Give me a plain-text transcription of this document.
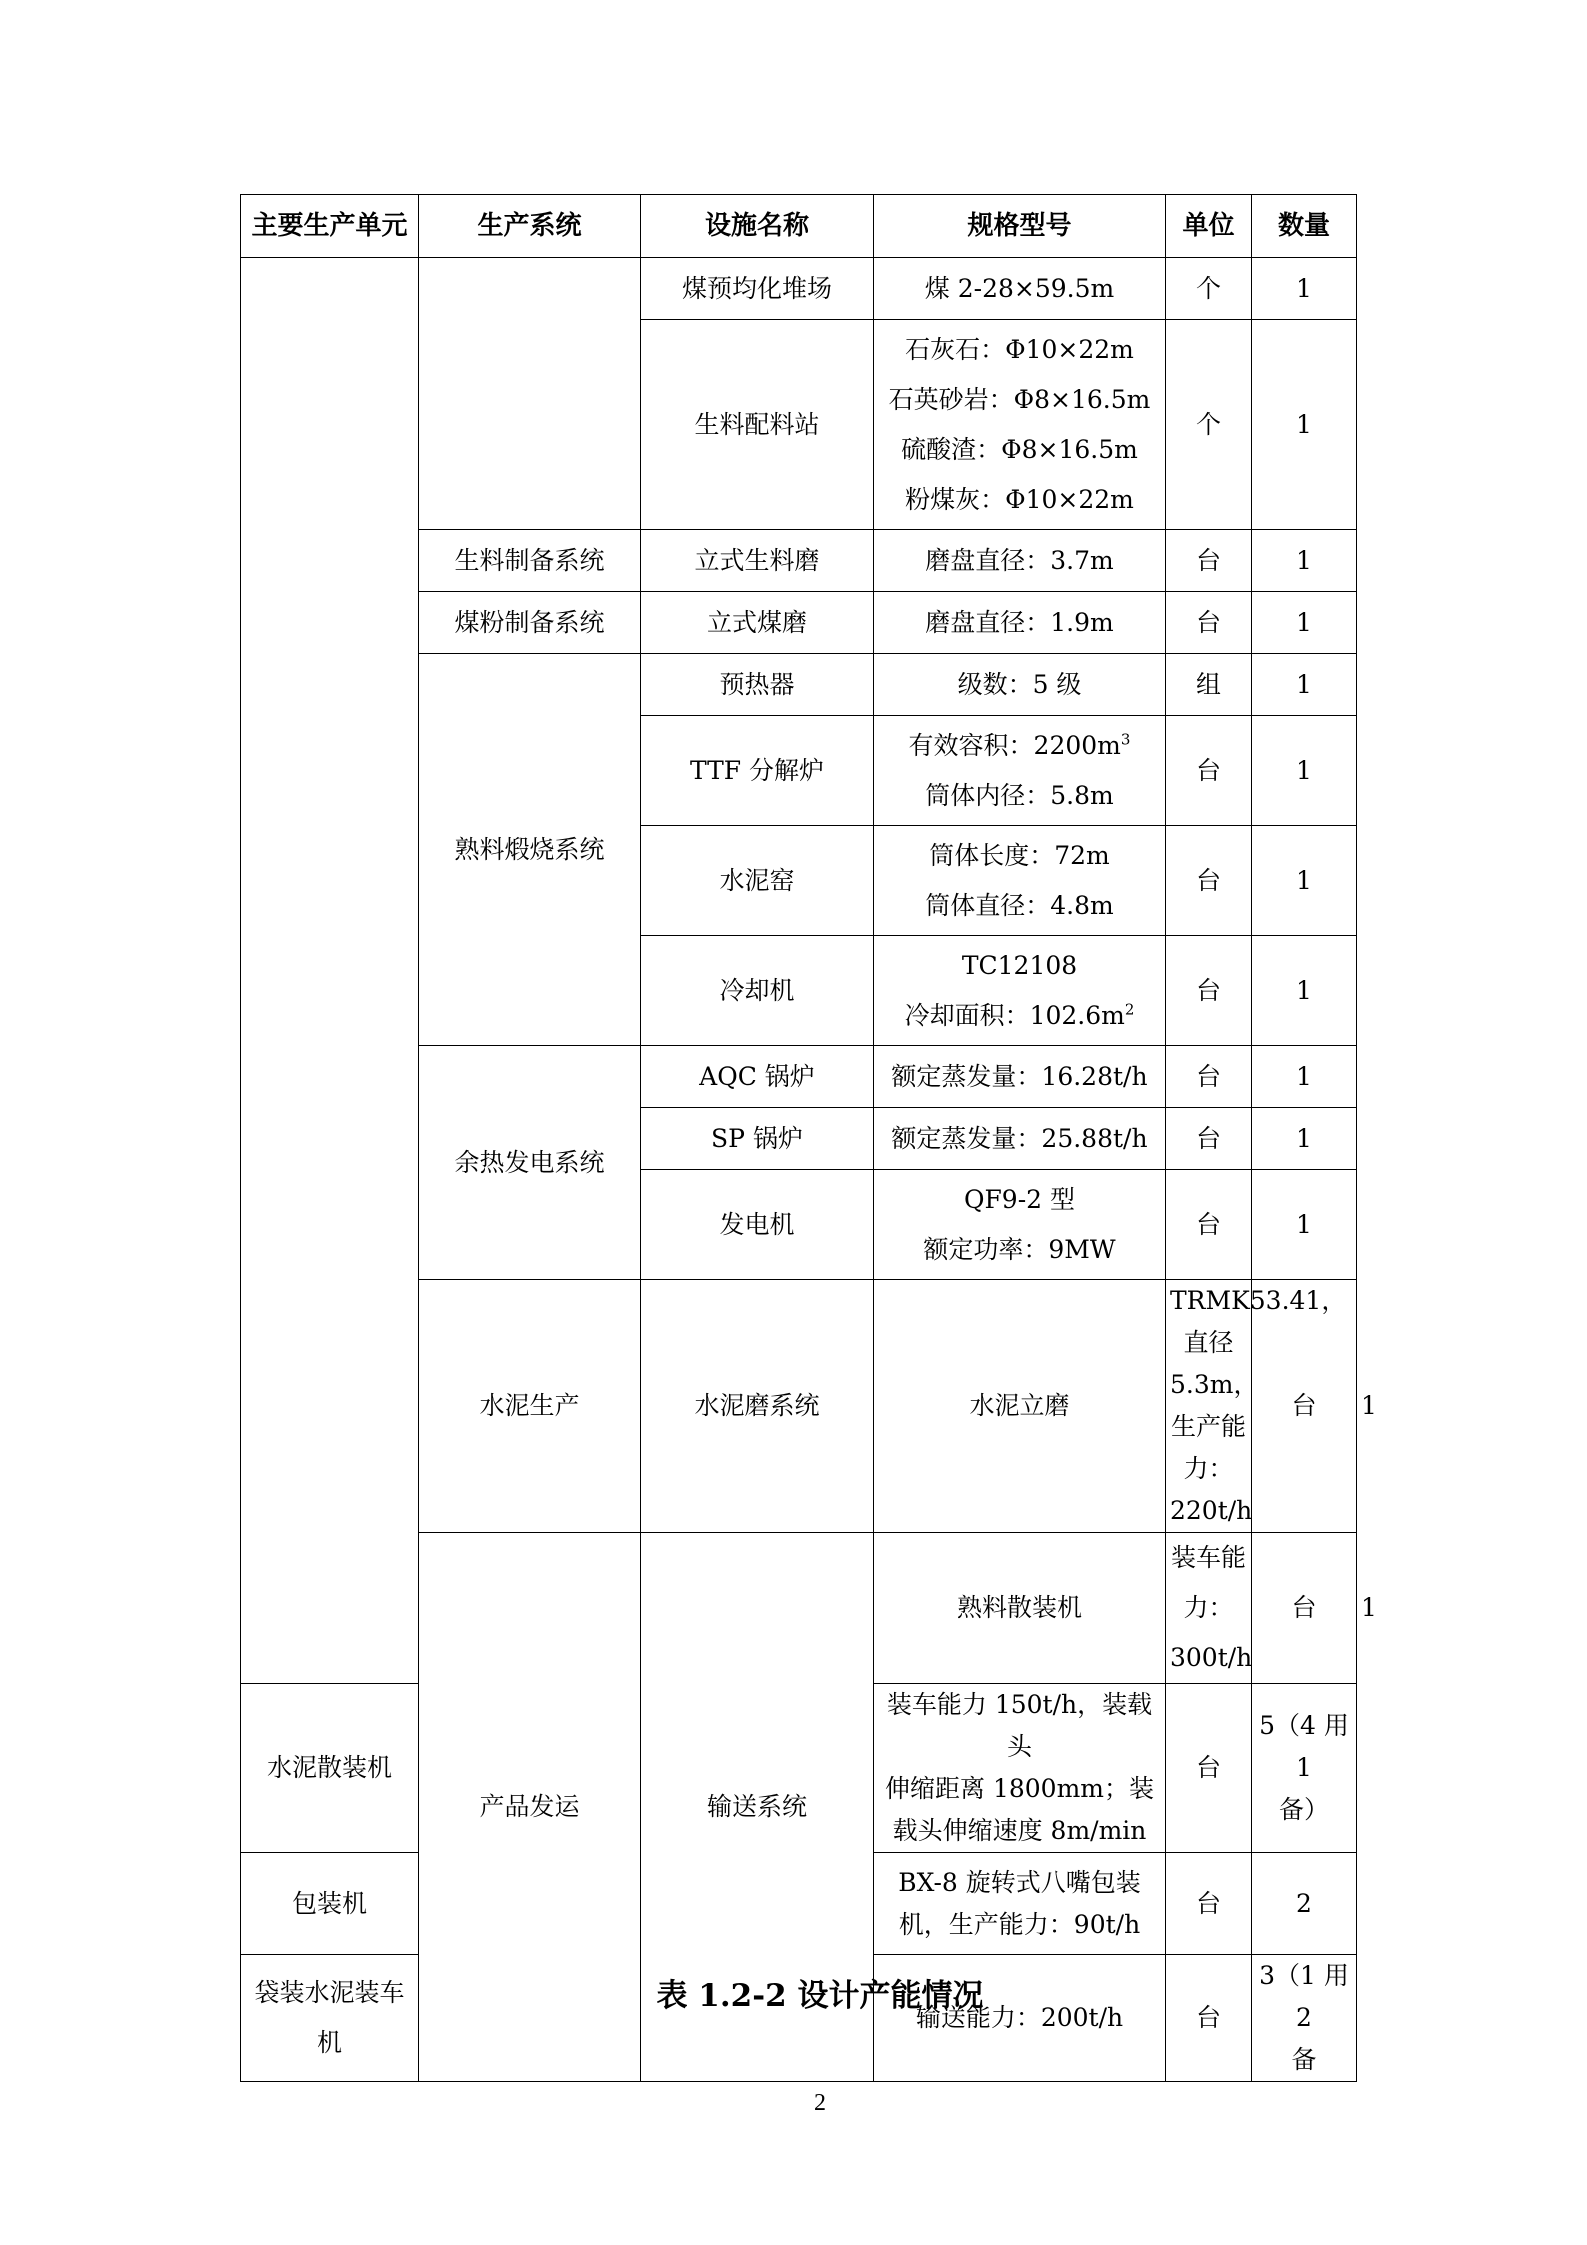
主要生产单元	生产系统	设施名称	规格型号	单位	数量	
		煤预均化堆场	煤 2-28×59.5m	个	1	
		生料配料站	石灰石：Φ10×22m
石英砂岩：Φ8×16.5m
硫酸渣：Φ8×16.5m
粉煤灰：Φ10×22m	个	1	
	生料制备系统	立式生料磨	磨盘直径：3.7m	台	1	
	煤粉制备系统	立式煤磨	磨盘直径：1.9m	台	1	
	熟料煅烧系统	预热器	级数：5 级	组	1	
		TTF 分解炉	有效容积：$2200m^3$
筒体内径：5.8m	台	1	
		水泥窑	筒体长度：72m
筒体直径：4.8m	台	1	
		冷却机	TC12108
冷却面积：$102.6m^2$	台	1	
	余热发电系统	AQC 锅炉	额定蒸发量：16.28t/h	台	1	
		SP 锅炉	额定蒸发量：25.88t/h	台	1	
		发电机	QF9-2 型
额定功率：9MW	台	1	
	水泥生产	水泥磨系统	水泥立磨	TRMK53.41，直径
5.3m，生产能力：220t/h	台	1
	产品发运	输送系统	熟料散装机	装车能力：300t/h	台	1
水泥散装机			装车能力 150t/h，装载头
伸缩距离 1800mm；装
载头伸缩速度 8m/min	台	5（4 用 1
备）	

包装机			BX-8 旋转式八嘴包装
机，生产能力：90t/h	台	2	
袋装水泥装车机			输送能力：200t/h	台	3（1 用 2
备	
表 1.2-2 设计产能情况
2
